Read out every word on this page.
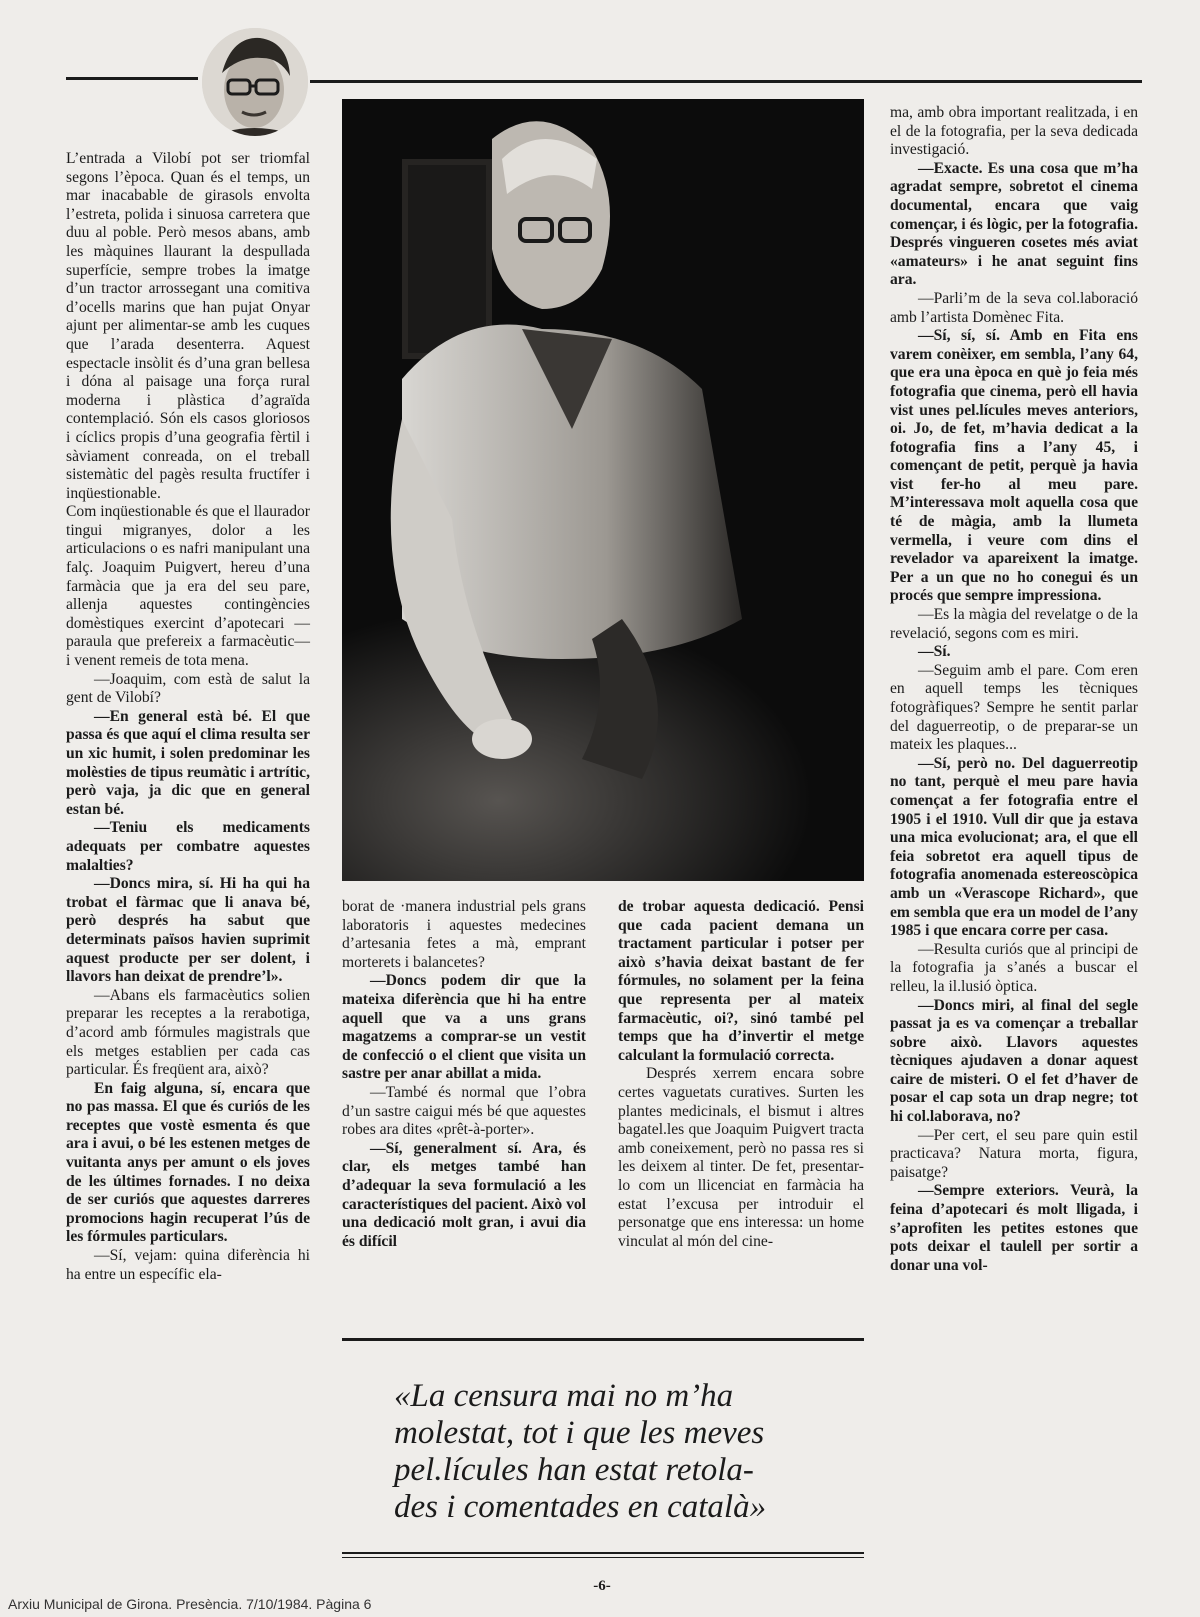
L’entrada a Vilobí pot ser triomfal segons l’època. Quan és el temps, un mar inacabable de girasols envolta l’estreta, polida i sinuosa carretera que duu al poble. Però mesos abans, amb les màquines llaurant la despullada superfície, sempre trobes la imatge d’un tractor arrossegant una comitiva d’ocells marins que han pujat Onyar ajunt per alimentar-se amb les cuques que l’arada desenterra. Aquest espectacle insòlit és d’una gran bellesa i dóna al paisage una força rural moderna i plàstica d’agraïda contemplació. Són els casos gloriosos i cíclics propis d’una geografia fèrtil i sàviament conreada, on el treball sistemàtic del pagès resulta fructífer i inqüestionable.

Com inqüestionable és que el llaurador tingui migranyes, dolor a les articulacions o es nafri manipulant una falç. Joaquim Puigvert, hereu d’una farmàcia que ja era del seu pare, allenja aquestes contingències domèstiques exercint d’apotecari —paraula que prefereix a farmacèutic— i venent remeis de tota mena.

—Joaquim, com està de salut la gent de Vilobí?

—En general està bé. El que passa és que aquí el clima resulta ser un xic humit, i solen predominar les molèsties de tipus reumàtic i artrític, però vaja, ja dic que en general estan bé.

—Teniu els medicaments adequats per combatre aquestes malalties?

—Doncs mira, sí. Hi ha qui ha trobat el fàrmac que li anava bé, però després ha sabut que determinats països havien suprimit aquest producte per ser dolent, i llavors han deixat de prendre’l».

—Abans els farmacèutics solien preparar les receptes a la rerabotiga, d’acord amb fórmules magistrals que els metges establien per cada cas particular. És freqüent ara, això?

En faig alguna, sí, encara que no pas massa. El que és curiós de les receptes que vostè esmenta és que ara i avui, o bé les estenen metges de vuitanta anys per amunt o els joves de les últimes fornades. I no deixa de ser curiós que aquestes darreres promocions hagin recuperat l’ús de les fórmules particulars.

—Sí, vejam: quina diferència hi ha entre un específic ela-

ma, amb obra important realitzada, i en el de la fotografia, per la seva dedicada investigació.

—Exacte. Es una cosa que m’ha agradat sempre, sobretot el cinema documental, encara que vaig començar, i és lògic, per la fotografia. Després vingueren cosetes més aviat «amateurs» i he anat seguint fins ara.

—Parli’m de la seva col.laboració amb l’artista Domènec Fita.

—Sí, sí, sí. Amb en Fita ens varem conèixer, em sembla, l’any 64, que era una època en què jo feia més fotografia que cinema, però ell havia vist unes pel.lícules meves anteriors, oi. Jo, de fet, m’havia dedicat a la fotografia fins a l’any 45, i començant de petit, perquè ja havia vist fer-ho al meu pare. M’interessava molt aquella cosa que té de màgia, amb la llumeta vermella, i veure com dins el revelador va apareixent la imatge. Per a un que no ho conegui és un procés que sempre impressiona.

—Es la màgia del revelatge o de la revelació, segons com es miri.

—Sí.

—Seguim amb el pare. Com eren en aquell temps les tècniques fotogràfiques? Sempre he sentit parlar del daguerreotip, o de preparar-se un mateix les plaques...

—Sí, però no. Del daguerreotip no tant, perquè el meu pare havia començat a fer fotografia entre el 1905 i el 1910. Vull dir que ja estava una mica evolucionat; ara, el que ell feia sobretot era aquell tipus de fotografia anomenada estereoscòpica amb un «Verascope Richard», que em sembla que era un model de l’any 1985 i que encara corre per casa.

—Resulta curiós que al principi de la fotografia ja s’anés a buscar el relleu, la il.lusió òptica.

—Doncs miri, al final del segle passat ja es va començar a treballar sobre això. Llavors aquestes tècniques ajudaven a donar aquest caire de misteri. O el fet d’haver de posar el cap sota un drap negre; tot hi col.laborava, no?

—Per cert, el seu pare quin estil practicava? Natura morta, figura, paisatge?

—Sempre exteriors. Veurà, la feina d’apotecari és molt lligada, i s’aprofiten les petites estones que pots deixar el taulell per sortir a donar una vol-

borat de ·manera industrial pels grans laboratoris i aquestes medecines d’artesania fetes a mà, emprant morterets i balancetes?

—Doncs podem dir que la mateixa diferència que hi ha entre aquell que va a uns grans magatzems a comprar-se un vestit de confecció o el client que visita un sastre per anar abillat a mida.

—També és normal que l’obra d’un sastre caigui més bé que aquestes robes ara dites «prêt-à-porter».

—Sí, generalment sí. Ara, és clar, els metges també han d’adequar la seva formulació a les característiques del pacient. Això vol una dedicació molt gran, i avui dia és difícil

de trobar aquesta dedicació. Pensi que cada pacient demana un tractament particular i potser per això s’havia deixat bastant de fer fórmules, no solament per la feina que representa per al mateix farmacèutic, oi?, sinó també pel temps que ha d’invertir el metge calculant la formulació correcta.

Després xerrem encara sobre certes vaguetats curatives. Surten les plantes medicinals, el bismut i altres bagatel.les que Joaquim Puigvert tracta amb coneixement, però no passa res si les deixem al tinter. De fet, presentar-lo com un llicenciat en farmàcia ha estat l’excusa per introduir el personatge que ens interessa: un home vinculat al món del cine-

«La censura mai no m’ha

molestat, tot i que les meves

pel.lícules han estat retola-

des i comentades en català»

-6-
Arxiu Municipal de Girona. Presència. 7/10/1984. Pàgina 6
